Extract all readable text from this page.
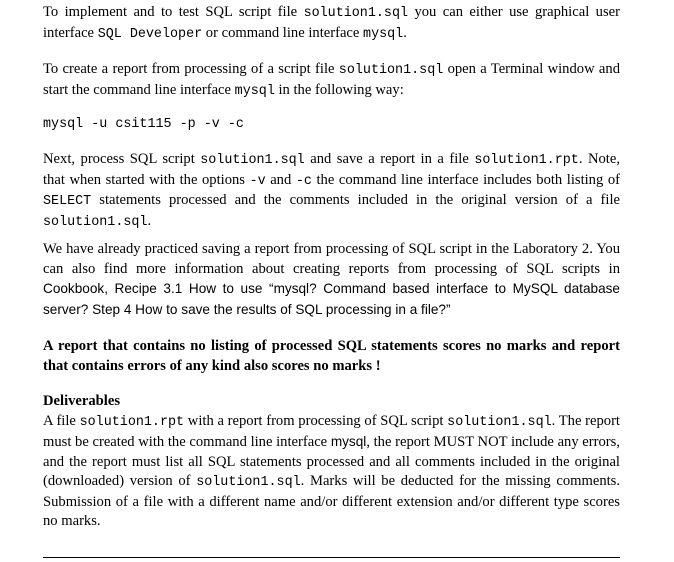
To implement and to test SQL script file solution1.sql you can either use graphical user interface SQL Developer or command line interface mysql.

To create a report from processing of a script file solution1.sql open a Terminal window and start the command line interface mysql in the following way:

mysql -u csit115 -p -v -c

Next, process SQL script solution1.sql and save a report in a file solution1.rpt. Note, that when started with the options -v and -c the command line interface includes both listing of SELECT statements processed and the comments included in the original version of a file solution1.sql.

We have already practiced saving a report from processing of SQL script in the Laboratory 2. You can also find more information about creating reports from processing of SQL scripts in Cookbook, Recipe 3.1 How to use “mysql? Command based interface to MySQL database server? Step 4 How to save the results of SQL processing in a file?”

A report that contains no listing of processed SQL statements scores no marks and report that contains errors of any kind also scores no marks !

Deliverables

A file solution1.rpt with a report from processing of SQL script solution1.sql. The report must be created with the command line interface mysql, the report MUST NOT include any errors, and the report must list all SQL statements processed and all comments included in the original (downloaded) version of solution1.sql. Marks will be deducted for the missing comments. Submission of a file with a different name and/or different extension and/or different type scores no marks.
